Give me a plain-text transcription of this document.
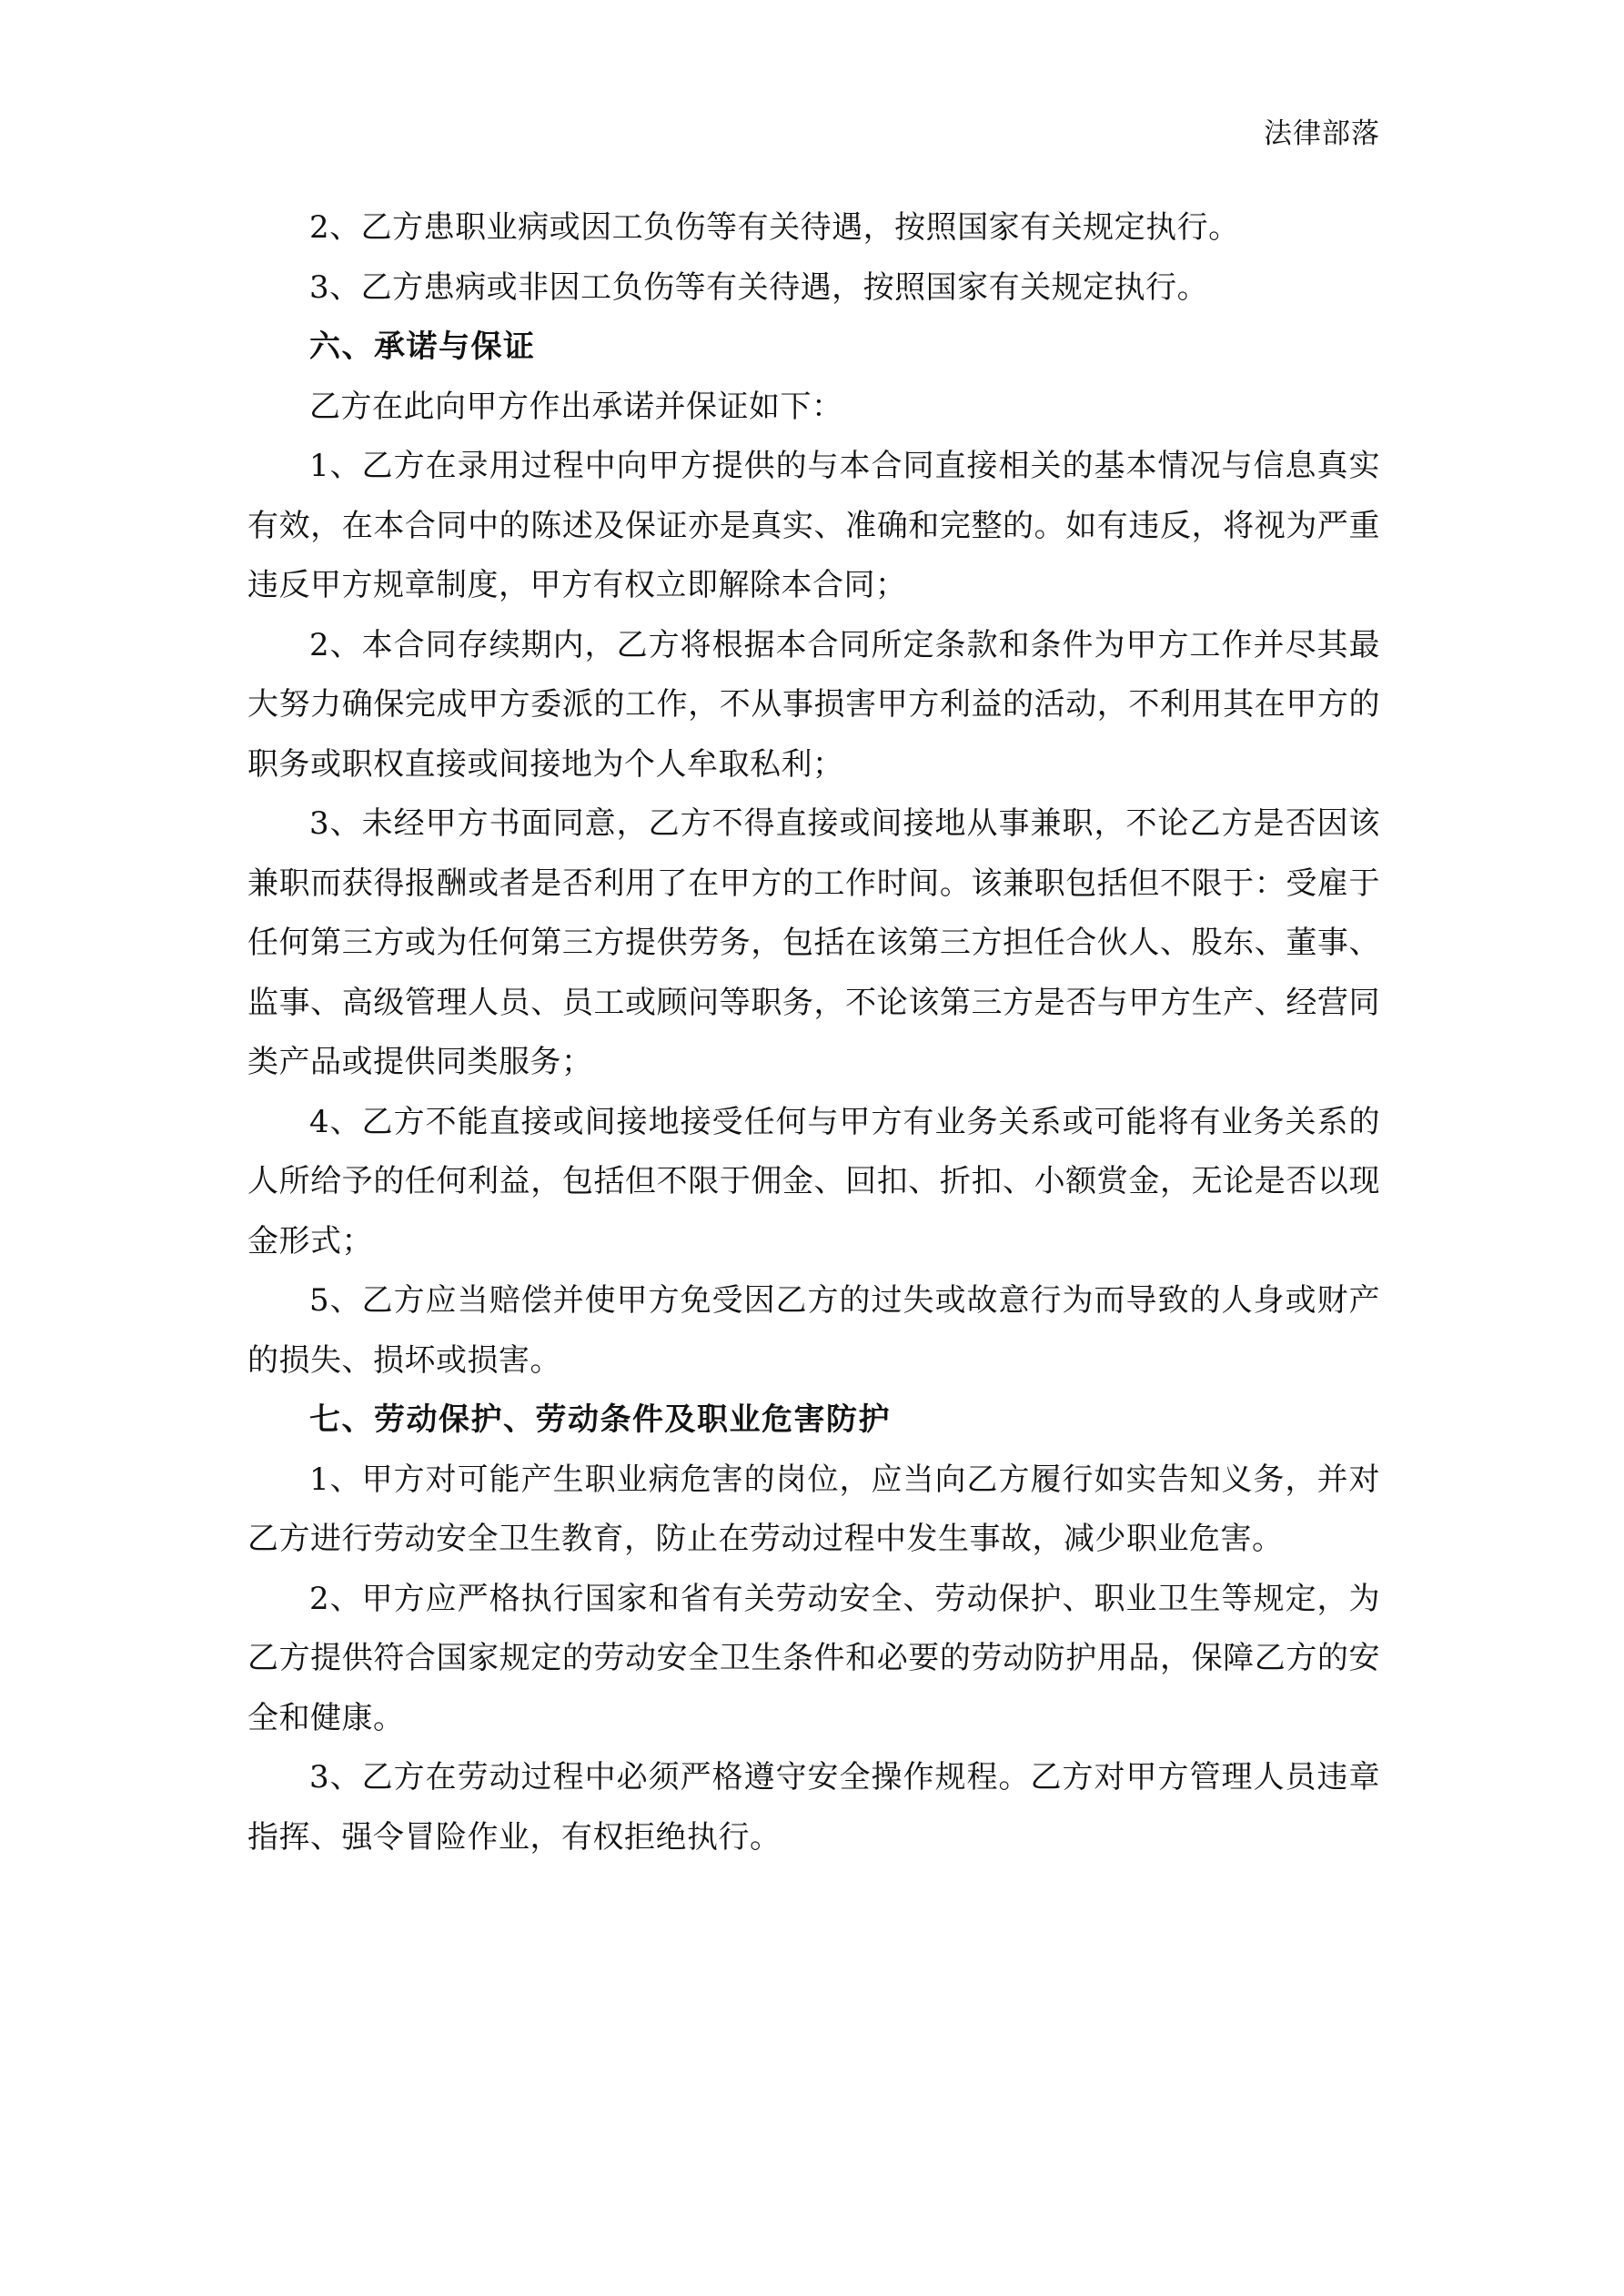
法律部落

2、乙方患职业病或因工负伤等有关待遇，按照国家有关规定执行。

3、乙方患病或非因工负伤等有关待遇，按照国家有关规定执行。

六、承诺与保证

乙方在此向甲方作出承诺并保证如下：

1、乙方在录用过程中向甲方提供的与本合同直接相关的基本情况与信息真实有效，在本合同中的陈述及保证亦是真实、准确和完整的。如有违反，将视为严重违反甲方规章制度，甲方有权立即解除本合同；

2、本合同存续期内，乙方将根据本合同所定条款和条件为甲方工作并尽其最大努力确保完成甲方委派的工作，不从事损害甲方利益的活动，不利用其在甲方的职务或职权直接或间接地为个人牟取私利；

3、未经甲方书面同意，乙方不得直接或间接地从事兼职，不论乙方是否因该兼职而获得报酬或者是否利用了在甲方的工作时间。该兼职包括但不限于：受雇于任何第三方或为任何第三方提供劳务，包括在该第三方担任合伙人、股东、董事、监事、高级管理人员、员工或顾问等职务，不论该第三方是否与甲方生产、经营同类产品或提供同类服务；

4、乙方不能直接或间接地接受任何与甲方有业务关系或可能将有业务关系的人所给予的任何利益，包括但不限于佣金、回扣、折扣、小额赏金，无论是否以现金形式；

5、乙方应当赔偿并使甲方免受因乙方的过失或故意行为而导致的人身或财产的损失、损坏或损害。

七、劳动保护、劳动条件及职业危害防护

1、甲方对可能产生职业病危害的岗位，应当向乙方履行如实告知义务，并对乙方进行劳动安全卫生教育，防止在劳动过程中发生事故，减少职业危害。

2、甲方应严格执行国家和省有关劳动安全、劳动保护、职业卫生等规定，为乙方提供符合国家规定的劳动安全卫生条件和必要的劳动防护用品，保障乙方的安全和健康。

3、乙方在劳动过程中必须严格遵守安全操作规程。乙方对甲方管理人员违章指挥、强令冒险作业，有权拒绝执行。
